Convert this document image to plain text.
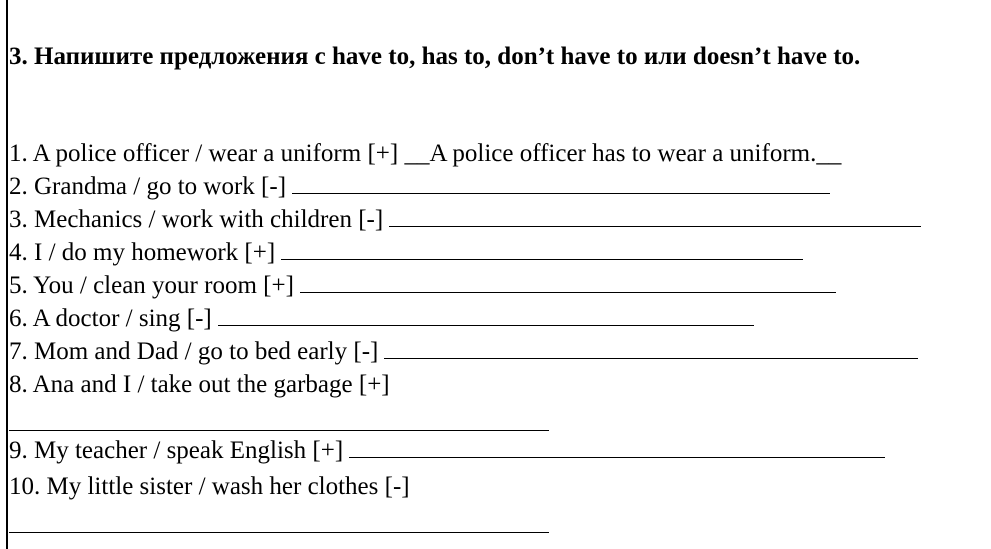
3. Напишите предложения с have to, has to, don’t have to или doesn’t have to.
1. A police officer / wear a uniform [+] __A police officer has to wear a uniform.__
2. Grandma / go to work [-]
3. Mechanics / work with children [-]
4. I / do my homework [+]
5. You / clean your room [+]
6. A doctor / sing [-]
7. Mom and Dad / go to bed early [-]
8. Ana and I / take out the garbage [+]
9. My teacher / speak English [+]
10. My little sister / wash her clothes [-]
